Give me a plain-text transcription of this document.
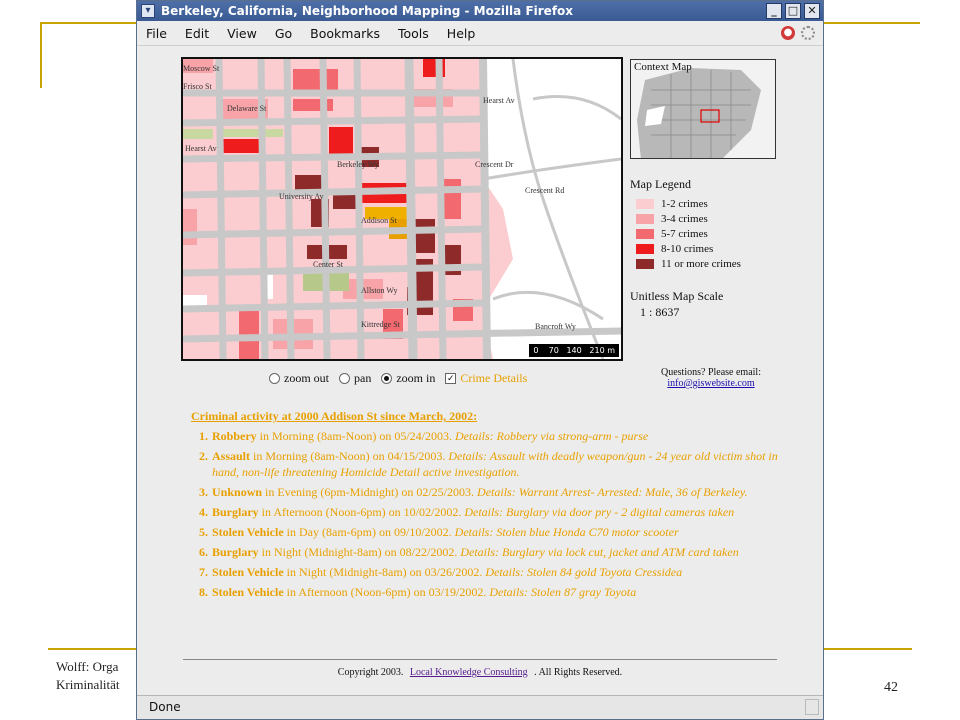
Wolff: Orga
Kriminalität	42
▾ Berkeley, California, Neighborhood Mapping - Mozilla Firefox	_	□ ✕
File	Edit	View	Go	Bookmarks	Tools	Help	●
Delaware St
Hearst Av
Hearst Av
Crescent Dr
Crescent Rd
Addison St
Center St
Allston Wy
Kittredge St	Bancroft Wy
Berkeley Wy
University Av
Frisco St
Moscow St
0 70 140 210 m
Context Map
Map Legend
1-2 crimes
3-4 crimes
5-7 crimes
8-10 crimes
11 or more crimes
Unitless Map Scale
1 : 8637
zoom out pan zoom in ✓ Crime Details	Questions? Please email:
info@giswebsite.com
Criminal activity at 2000 Addison St since March, 2002:
1. Robbery in Morning (8am-Noon) on 05/24/2003. Details: Robbery via strong-arm - purse
2. Assault in Morning (8am-Noon) on 04/15/2003. Details: Assault with deadly weapon/gun - 24 year old victim shot in hand, non-life threatening Homicide Detail active investigation.
3. Unknown in Evening (6pm-Midnight) on 02/25/2003. Details: Warrant Arrest- Arrested: Male, 36 of Berkeley.
4. Burglary in Afternoon (Noon-6pm) on 10/02/2002. Details: Burglary via door pry - 2 digital cameras taken
5. Stolen Vehicle in Day (8am-6pm) on 09/10/2002. Details: Stolen blue Honda C70 motor scooter
6. Burglary in Night (Midnight-8am) on 08/22/2002. Details: Burglary via lock cut, jacket and ATM card taken
7. Stolen Vehicle in Night (Midnight-8am) on 03/26/2002. Details: Stolen 84 gold Toyota Cressidea
8. Stolen Vehicle in Afternoon (Noon-6pm) on 03/19/2002. Details: Stolen 87 gray Toyota
Copyright 2003. Local Knowledge Consulting . All Rights Reserved.
Done
